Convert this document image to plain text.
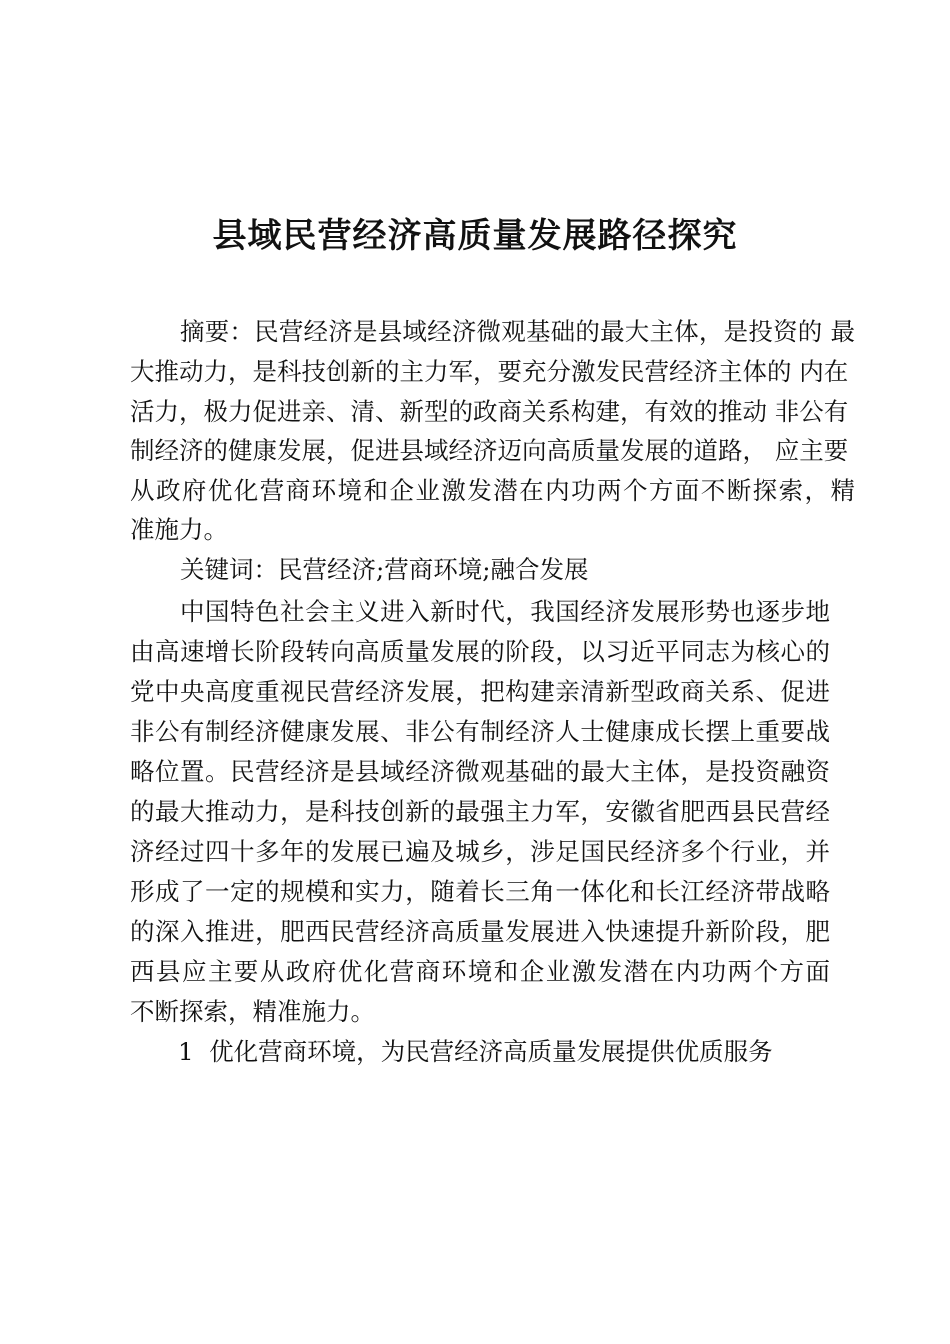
县域民营经济高质量发展路径探究
摘要：民营经济是县域经济微观基础的最大主体，是投资的 最
大推动力，是科技创新的主力军，要充分激发民营经济主体的 内在
活力，极力促进亲、清、新型的政商关系构建，有效的推动 非公有
制经济的健康发展，促进县域经济迈向高质量发展的道路， 应主要
从政府优化营商环境和企业激发潜在内功两个方面不断探索，精
准施力。
关键词：民营经济;营商环境;融合发展
中国特色社会主义进入新时代，我国经济发展形势也逐步地
由高速增长阶段转向高质量发展的阶段，以习近平同志为核心的
党中央高度重视民营经济发展，把构建亲清新型政商关系、促进
非公有制经济健康发展、非公有制经济人士健康成长摆上重要战
略位置。民营经济是县域经济微观基础的最大主体，是投资融资
的最大推动力，是科技创新的最强主力军，安徽省肥西县民营经
济经过四十多年的发展已遍及城乡，涉足国民经济多个行业，并
形成了一定的规模和实力，随着长三角一体化和长江经济带战略
的深入推进，肥西民营经济高质量发展进入快速提升新阶段，肥
西县应主要从政府优化营商环境和企业激发潜在内功两个方面
不断探索，精准施力。
1  优化营商环境，为民营经济高质量发展提供优质服务
